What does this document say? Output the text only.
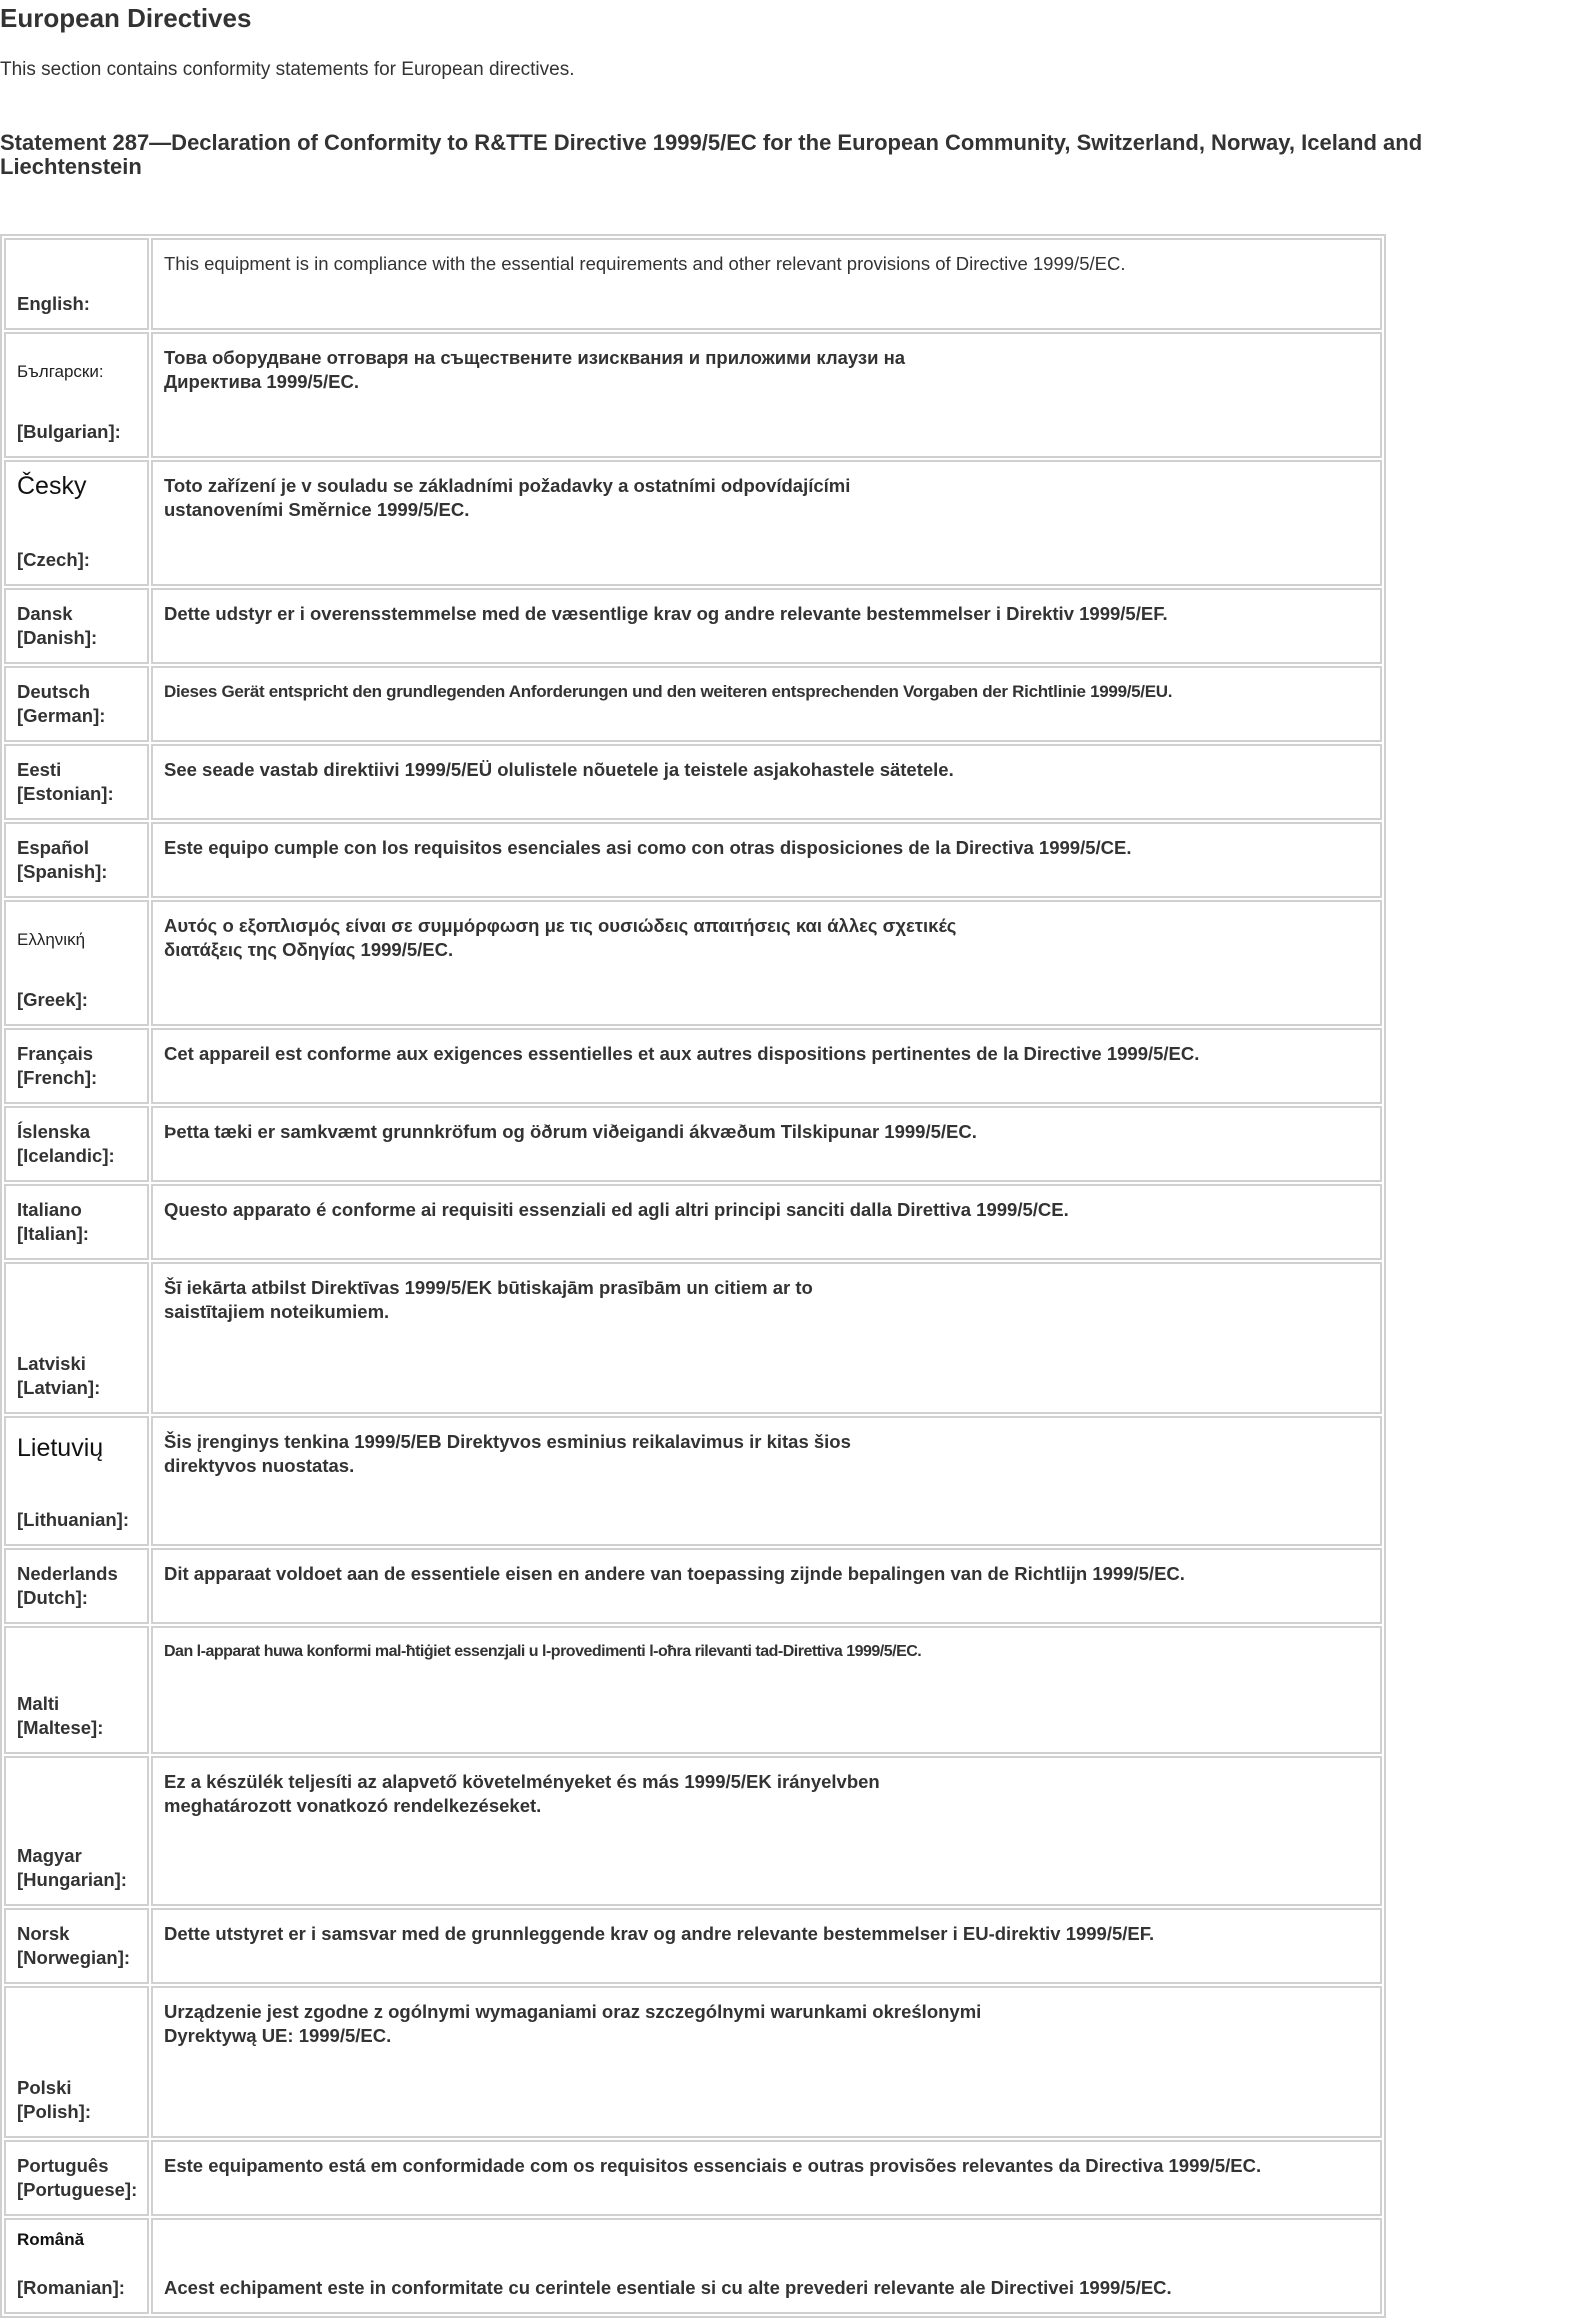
European Directives

This section contains conformity statements for European directives.

Statement 287—Declaration of Conformity to R&TTE Directive 1999/5/EC for the European Community, Switzerland, Norway, Iceland and Liechtenstein
English:	This equipment is in compliance with the essential requirements and other relevant provisions of Directive 1999/5/EC.

Български:
[Bulgarian]:	Това оборудване отговаря на съществените изисквания и приложими клаузи на Директива 1999/5/ЕС.

Česky
[Czech]:	Toto zařízení je v souladu se základními požadavky a ostatními odpovídajícími ustanoveními Směrnice 1999/5/EC.

Dansk
[Danish]:	Dette udstyr er i overensstemmelse med de væsentlige krav og andre relevante bestemmelser i Direktiv 1999/5/EF.

Deutsch
[German]:	Dieses Gerät entspricht den grundlegenden Anforderungen und den weiteren entsprechenden Vorgaben der Richtlinie 1999/5/EU.

Eesti
[Estonian]:	See seade vastab direktiivi 1999/5/EÜ olulistele nõuetele ja teistele asjakohastele sätetele.

Español
[Spanish]:	Este equipo cumple con los requisitos esenciales asi como con otras disposiciones de la Directiva 1999/5/CE.

Ελληνική
[Greek]:	Αυτός ο εξοπλισμός είναι σε συμμόρφωση με τις ουσιώδεις απαιτήσεις και άλλες σχετικές διατάξεις της Οδηγίας 1999/5/EC.

Français
[French]:	Cet appareil est conforme aux exigences essentielles et aux autres dispositions pertinentes de la Directive 1999/5/EC.

Íslenska
[Icelandic]:	Þetta tæki er samkvæmt grunnkröfum og öðrum viðeigandi ákvæðum Tilskipunar 1999/5/EC.

Italiano
[Italian]:	Questo apparato é conforme ai requisiti essenziali ed agli altri principi sanciti dalla Direttiva 1999/5/CE.

Latviski
[Latvian]:	Šī iekārta atbilst Direktīvas 1999/5/EK būtiskajām prasībām un citiem ar to saistītajiem noteikumiem.

Lietuvių
[Lithuanian]:	Šis įrenginys tenkina 1999/5/EB Direktyvos esminius reikalavimus ir kitas šios direktyvos nuostatas.

Nederlands
[Dutch]:	Dit apparaat voldoet aan de essentiele eisen en andere van toepassing zijnde bepalingen van de Richtlijn 1999/5/EC.

Malti
[Maltese]:	Dan l-apparat huwa konformi mal-ħtiġiet essenzjali u l-provedimenti l-oħra rilevanti tad-Direttiva 1999/5/EC.

Magyar
[Hungarian]:	Ez a készülék teljesíti az alapvető követelményeket és más 1999/5/EK irányelvben meghatározott vonatkozó rendelkezéseket.

Norsk
[Norwegian]:	Dette utstyret er i samsvar med de grunnleggende krav og andre relevante bestemmelser i EU-direktiv 1999/5/EF.

Polski
[Polish]:	Urządzenie jest zgodne z ogólnymi wymaganiami oraz szczególnymi warunkami określonymi Dyrektywą UE: 1999/5/EC.

Português
[Portuguese]:	Este equipamento está em conformidade com os requisitos essenciais e outras provisões relevantes da Directiva 1999/5/EC.

Română
[Romanian]:	Acest echipament este in conformitate cu cerintele esentiale si cu alte prevederi relevante ale Directivei 1999/5/EC.
